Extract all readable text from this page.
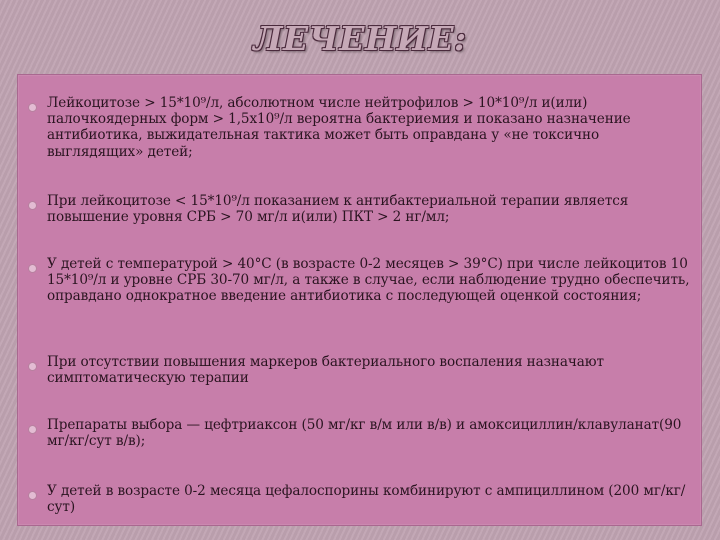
ЛЕЧЕНИЕ:
Лейкоцитозе > 15*10⁹/л, абсолютном числе нейтрофилов > 10*10⁹/л и(или) палочкоядерных форм > 1,5х10⁹/л вероятна бактериемия и показано назначение антибиотика, выжидательная тактика может быть оправдана у «не токсично выглядящих» детей;
При лейкоцитозе < 15*10⁹/л показанием к антибактериальной терапии является повышение уровня СРБ > 70 мг/л и(или) ПКТ > 2 нг/мл;
У детей с температурой > 40°С (в возрасте 0-2 месяцев > 39°С) при числе лейкоцитов 10 15*10⁹/л и уровне СРБ 30-70 мг/л, а также в случае, если наблюдение трудно обеспечить, оправдано однократное введение антибиотика с последующей оценкой состояния;
При отсутствии повышения маркеров бактериального воспаления назначают симптоматическую терапии
Препараты выбора — цефтриаксон (50 мг/кг в/м или в/в) и амоксициллин/клавуланат(90 мг/кг/сут в/в);
У детей в возрасте 0-2 месяца цефалоспорины комбинируют с ампициллином (200 мг/кг/сут)
